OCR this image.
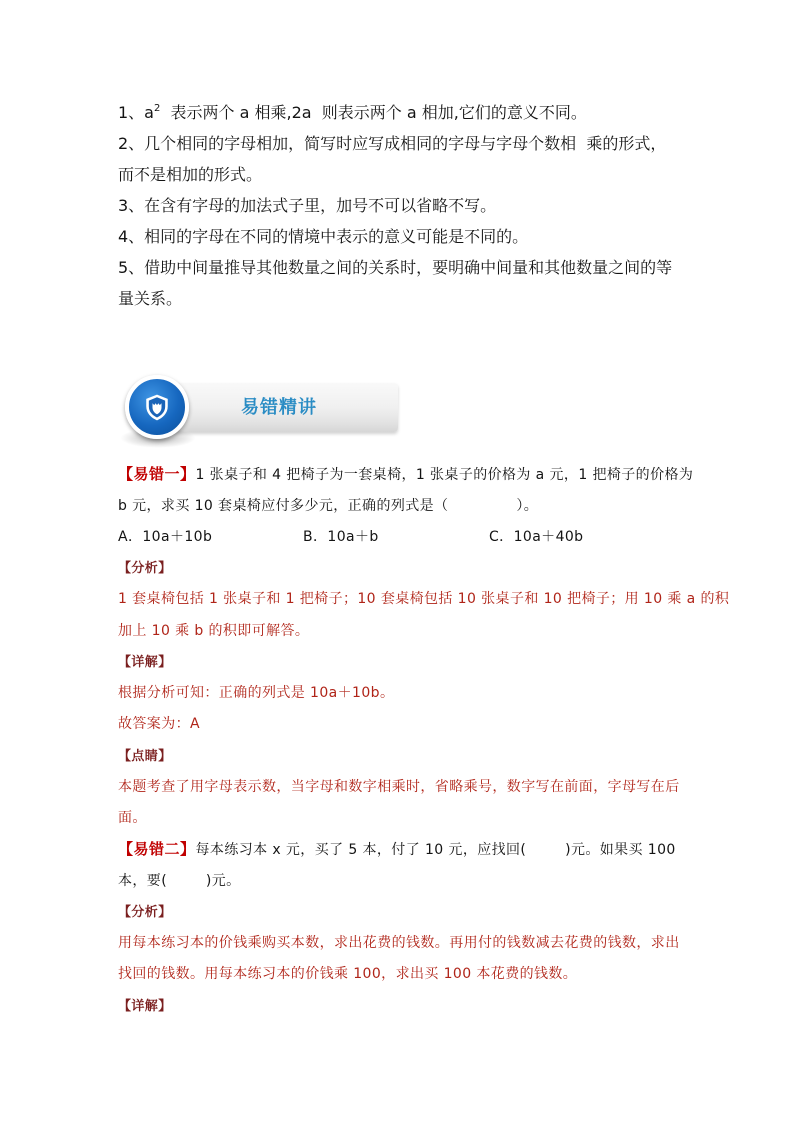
1、$a^2$  表示两个 a 相乘,2a  则表示两个 a 相加,它们的意义不同。
2、几个相同的字母相加，简写时应写成相同的字母与字母个数相  乘的形式，
而不是相加的形式。
3、在含有字母的加法式子里，加号不可以省略不写。
4、相同的字母在不同的情境中表示的意义可能是不同的。
5、借助中间量推导其他数量之间的关系时，要明确中间量和其他数量之间的等
量关系。
易错精讲
【易错一】1 张桌子和 4 把椅子为一套桌椅，1 张桌子的价格为 a 元，1 把椅子的价格为
b 元，求买 10 套桌椅应付多少元，正确的列式是（              ）。

A．10a＋10b

	B．10a＋b

	C．10a＋40b

【分析】
1 套桌椅包括 1 张桌子和 1 把椅子；10 套桌椅包括 10 张桌子和 10 把椅子；用 10 乘 a 的积
加上 10 乘 b 的积即可解答。
【详解】
根据分析可知：正确的列式是 10a＋10b。
故答案为：A
【点睛】
本题考查了用字母表示数，当字母和数字相乘时，省略乘号，数字写在前面，字母写在后
面。
【易错二】每本练习本 x 元，买了 5 本，付了 10 元，应找回(        )元。如果买 100
本，要(        )元。
【分析】
用每本练习本的价钱乘购买本数，求出花费的钱数。再用付的钱数减去花费的钱数，求出
找回的钱数。用每本练习本的价钱乘 100，求出买 100 本花费的钱数。
【详解】
